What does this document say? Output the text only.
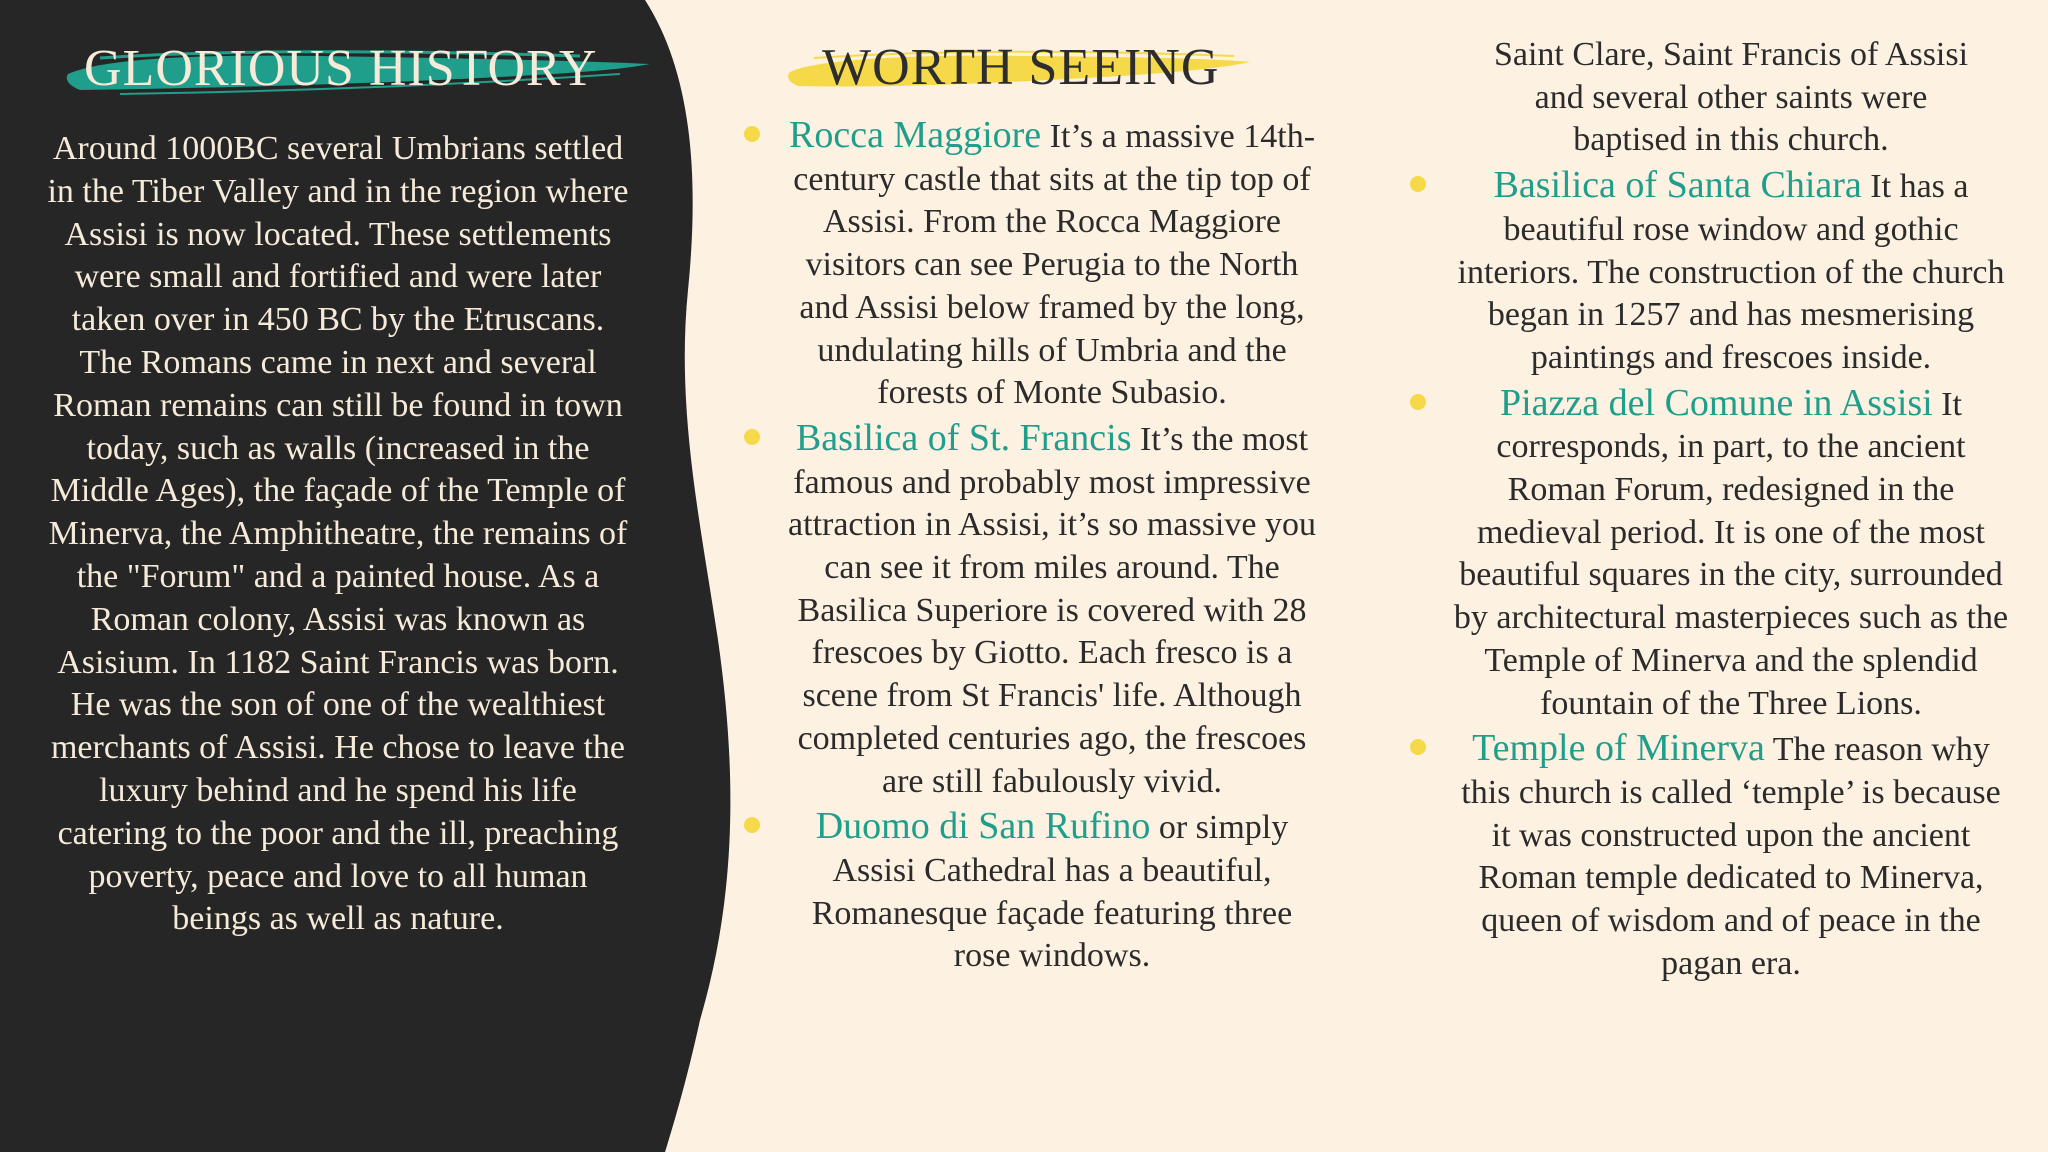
GLORIOUS HISTORY	WORTH SEEING

Around 1000BC several Umbrians settled in the Tiber Valley and in the region where Assisi is now located. These settlements were small and fortified and were later taken over in 450 BC by the Etruscans. The Romans came in next and several Roman remains can still be found in town today, such as walls (increased in the Middle Ages), the façade of the Temple of Minerva, the Amphitheatre, the remains of the "Forum" and a painted house. As a Roman colony, Assisi was known as Asisium. In 1182 Saint Francis was born. He was the son of one of the wealthiest merchants of Assisi. He chose to leave the luxury behind and he spend his life catering to the poor and the ill, preaching poverty, peace and love to all human beings as well as nature.

Rocca Maggiore It’s a massive 14th-century castle that sits at the tip top of Assisi. From the Rocca Maggiore visitors can see Perugia to the North and Assisi below framed by the long, undulating hills of Umbria and the forests of Monte Subasio.
Basilica of St. Francis It’s the most famous and probably most impressive attraction in Assisi, it’s so massive you can see it from miles around. The Basilica Superiore is covered with 28 frescoes by Giotto. Each fresco is a scene from St Francis' life. Although completed centuries ago, the frescoes are still fabulously vivid.
Duomo di San Rufino or simply Assisi Cathedral has a beautiful, Romanesque façade featuring three rose windows.
Saint Clare, Saint Francis of Assisi and several other saints were baptised in this church.
Basilica of Santa Chiara It has a beautiful rose window and gothic interiors. The construction of the church began in 1257 and has mesmerising paintings and frescoes inside.
Piazza del Comune in Assisi It corresponds, in part, to the ancient Roman Forum, redesigned in the medieval period. It is one of the most beautiful squares in the city, surrounded by architectural masterpieces such as the Temple of Minerva and the splendid fountain of the Three Lions.
Temple of Minerva The reason why this church is called ‘temple’ is because it was constructed upon the ancient Roman temple dedicated to Minerva, queen of wisdom and of peace in the pagan era.
